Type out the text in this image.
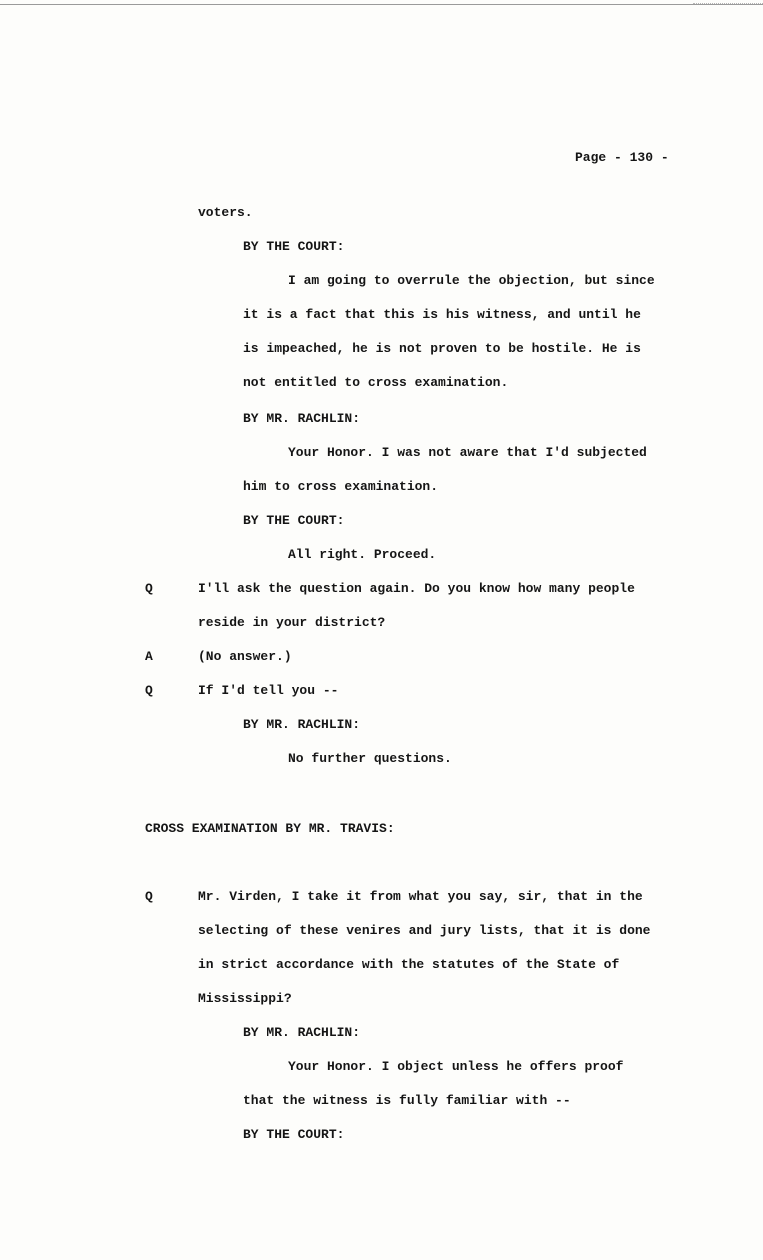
Page - 130 -
voters.
BY THE COURT:
I am going to overrule the objection, but since
it is a fact that this is his witness, and until he
is impeached, he is not proven to be hostile. He is
not entitled to cross examination.
BY MR. RACHLIN:
Your Honor. I was not aware that I'd subjected
him to cross examination.
BY THE COURT:
All right. Proceed.
Q	I'll ask the question again. Do you know how many people
reside in your district?
A	(No answer.)
Q	If I'd tell you --
BY MR. RACHLIN:
No further questions.
CROSS EXAMINATION BY MR. TRAVIS:
Q	Mr. Virden, I take it from what you say, sir, that in the
selecting of these venires and jury lists, that it is done
in strict accordance with the statutes of the State of
Mississippi?
BY MR. RACHLIN:
Your Honor. I object unless he offers proof
that the witness is fully familiar with --
BY THE COURT:
